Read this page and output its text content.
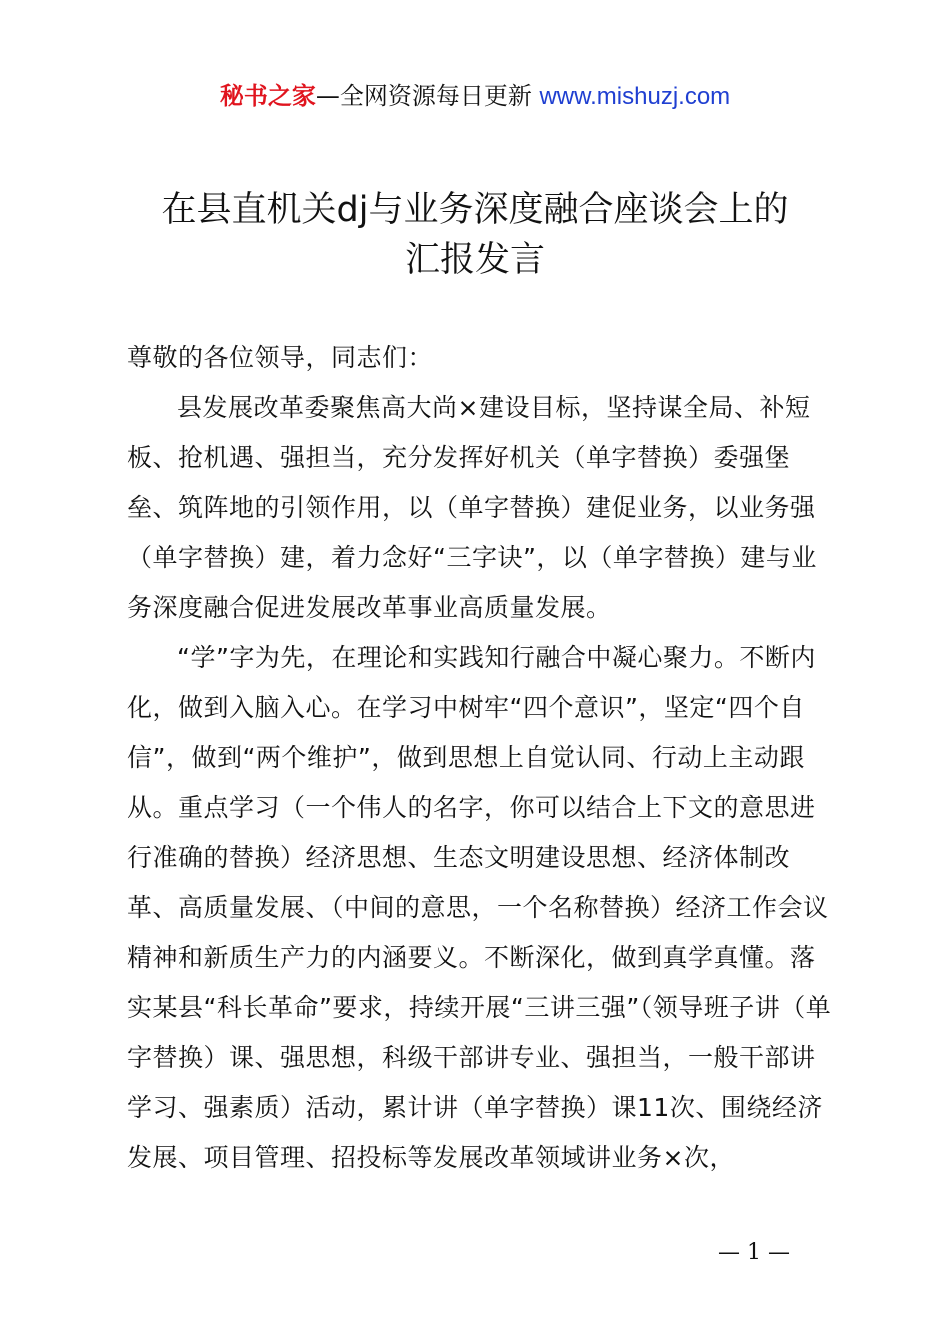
秘书之家—全网资源每日更新 www.mishuzj.com
在县直机关dj与业务深度融合座谈会上的
汇报发言

尊敬的各位领导，同志们：

县发展改革委聚焦高大尚×建设目标，坚持谋全局、补短板、抢机遇、强担当，充分发挥好机关（单字替换）委强堡垒、筑阵地的引领作用，以（单字替换）建促业务，以业务强（单字替换）建，着力念好“三字诀”，以（单字替换）建与业务深度融合促进发展改革事业高质量发展。

“学”字为先，在理论和实践知行融合中凝心聚力。不断内化，做到入脑入心。在学习中树牢“四个意识”，坚定“四个自信”，做到“两个维护”，做到思想上自觉认同、行动上主动跟从。重点学习（一个伟人的名字，你可以结合上下文的意思进行准确的替换）经济思想、生态文明建设思想、经济体制改革、高质量发展、（中间的意思，一个名称替换）经济工作会议精神和新质生产力的内涵要义。不断深化，做到真学真懂。落实某县“科长革命”要求，持续开展“三讲三强”（领导班子讲（单字替换）课、强思想，科级干部讲专业、强担当，一般干部讲学习、强素质）活动，累计讲（单字替换）课11次、围绕经济发展、项目管理、招投标等发展改革领域讲业务×次，

— 1 —
